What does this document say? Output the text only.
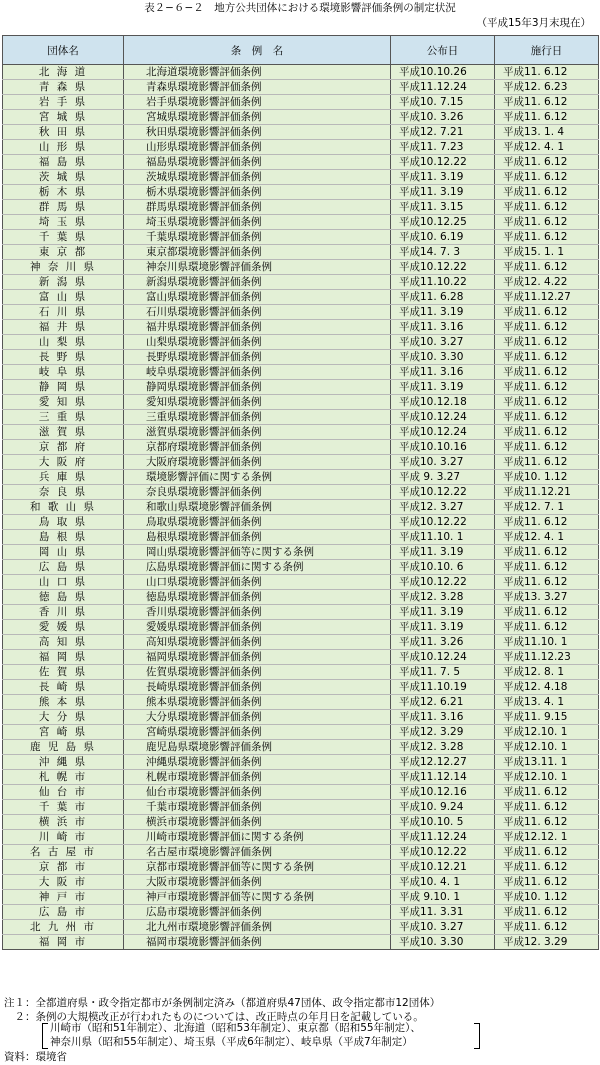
表２−６−２　地方公共団体における環境影響評価条例の制定状況
（平成15年3月末現在）
団体名	条　例　名	公布日	施行日
北 海 道	北海道環境影響評価条例	平成10.10.26	平成11. 6.12
青 森 県	青森県環境影響評価条例	平成11.12.24	平成12. 6.23
岩 手 県	岩手県環境影響評価条例	平成10. 7.15	平成11. 6.12
宮 城 県	宮城県環境影響評価条例	平成10. 3.26	平成11. 6.12
秋 田 県	秋田県環境影響評価条例	平成12. 7.21	平成13. 1. 4
山 形 県	山形県環境影響評価条例	平成11. 7.23	平成12. 4. 1
福 島 県	福島県環境影響評価条例	平成10.12.22	平成11. 6.12
茨 城 県	茨城県環境影響評価条例	平成11. 3.19	平成11. 6.12
栃 木 県	栃木県環境影響評価条例	平成11. 3.19	平成11. 6.12
群 馬 県	群馬県環境影響評価条例	平成11. 3.15	平成11. 6.12
埼 玉 県	埼玉県環境影響評価条例	平成10.12.25	平成11. 6.12
千 葉 県	千葉県環境影響評価条例	平成10. 6.19	平成11. 6.12
東 京 都	東京都環境影響評価条例	平成14. 7. 3	平成15. 1. 1
神 奈 川 県	神奈川県環境影響評価条例	平成10.12.22	平成11. 6.12
新 潟 県	新潟県環境影響評価条例	平成11.10.22	平成12. 4.22
富 山 県	富山県環境影響評価条例	平成11. 6.28	平成11.12.27
石 川 県	石川県環境影響評価条例	平成11. 3.19	平成11. 6.12
福 井 県	福井県環境影響評価条例	平成11. 3.16	平成11. 6.12
山 梨 県	山梨県環境影響評価条例	平成10. 3.27	平成11. 6.12
長 野 県	長野県環境影響評価条例	平成10. 3.30	平成11. 6.12
岐 阜 県	岐阜県環境影響評価条例	平成11. 3.16	平成11. 6.12
静 岡 県	静岡県環境影響評価条例	平成11. 3.19	平成11. 6.12
愛 知 県	愛知県環境影響評価条例	平成10.12.18	平成11. 6.12
三 重 県	三重県環境影響評価条例	平成10.12.24	平成11. 6.12
滋 賀 県	滋賀県環境影響評価条例	平成10.12.24	平成11. 6.12
京 都 府	京都府環境影響評価条例	平成10.10.16	平成11. 6.12
大 阪 府	大阪府環境影響評価条例	平成10. 3.27	平成11. 6.12
兵 庫 県	環境影響評価に関する条例	平成 9. 3.27	平成10. 1.12
奈 良 県	奈良県環境影響評価条例	平成10.12.22	平成11.12.21
和 歌 山 県	和歌山県環境影響評価条例	平成12. 3.27	平成12. 7. 1
鳥 取 県	鳥取県環境影響評価条例	平成10.12.22	平成11. 6.12
島 根 県	島根県環境影響評価条例	平成11.10. 1	平成12. 4. 1
岡 山 県	岡山県環境影響評価等に関する条例	平成11. 3.19	平成11. 6.12
広 島 県	広島県環境影響評価に関する条例	平成10.10. 6	平成11. 6.12
山 口 県	山口県環境影響評価条例	平成10.12.22	平成11. 6.12
徳 島 県	徳島県環境影響評価条例	平成12. 3.28	平成13. 3.27
香 川 県	香川県環境影響評価条例	平成11. 3.19	平成11. 6.12
愛 媛 県	愛媛県環境影響評価条例	平成11. 3.19	平成11. 6.12
高 知 県	高知県環境影響評価条例	平成11. 3.26	平成11.10. 1
福 岡 県	福岡県環境影響評価条例	平成10.12.24	平成11.12.23
佐 賀 県	佐賀県環境影響評価条例	平成11. 7. 5	平成12. 8. 1
長 崎 県	長崎県環境影響評価条例	平成11.10.19	平成12. 4.18
熊 本 県	熊本県環境影響評価条例	平成12. 6.21	平成13. 4. 1
大 分 県	大分県環境影響評価条例	平成11. 3.16	平成11. 9.15
宮 崎 県	宮崎県環境影響評価条例	平成12. 3.29	平成12.10. 1
鹿 児 島 県	鹿児島県環境影響評価条例	平成12. 3.28	平成12.10. 1
沖 縄 県	沖縄県環境影響評価条例	平成12.12.27	平成13.11. 1
札 幌 市	札幌市環境影響評価条例	平成11.12.14	平成12.10. 1
仙 台 市	仙台市環境影響評価条例	平成10.12.16	平成11. 6.12
千 葉 市	千葉市環境影響評価条例	平成10. 9.24	平成11. 6.12
横 浜 市	横浜市環境影響評価条例	平成10.10. 5	平成11. 6.12
川 崎 市	川崎市環境影響評価に関する条例	平成11.12.24	平成12.12. 1
名 古 屋 市	名古屋市環境影響評価条例	平成10.12.22	平成11. 6.12
京 都 市	京都市環境影響評価等に関する条例	平成10.12.21	平成11. 6.12
大 阪 市	大阪市環境影響評価条例	平成10. 4. 1	平成11. 6.12
神 戸 市	神戸市環境影響評価等に関する条例	平成 9.10. 1	平成10. 1.12
広 島 市	広島市環境影響評価条例	平成11. 3.31	平成11. 6.12
北 九 州 市	北九州市環境影響評価条例	平成10. 3.27	平成11. 6.12
福 岡 市	福岡市環境影響評価条例	平成10. 3.30	平成12. 3.29
注１：全都道府県・政令指定都市が条例制定済み（都道府県47団体、政令指定都市12団体）
　２：条例の大規模改正が行われたものについては、改正時点の年月日を記載している。
川崎市（昭和51年制定）、北海道（昭和53年制定）、東京都（昭和55年制定）、
神奈川県（昭和55年制定）、埼玉県（平成6年制定）、岐阜県（平成7年制定）
資料：環境省
